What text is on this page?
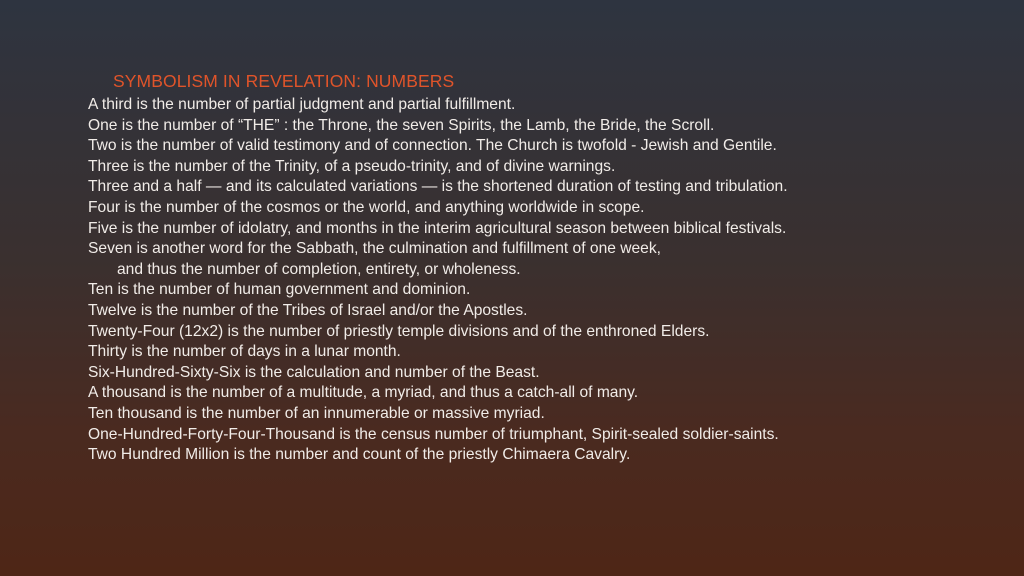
SYMBOLISM IN REVELATION: NUMBERS
A third is the number of partial judgment and partial fulfillment.
One is the number of “THE” : the Throne, the seven Spirits, the Lamb, the Bride, the Scroll.
Two is the number of valid testimony and of connection. The Church is twofold - Jewish and Gentile.
Three is the number of the Trinity, of a pseudo-trinity, and of divine warnings.
Three and a half — and its calculated variations — is the shortened duration of testing and tribulation.
Four is the number of the cosmos or the world, and anything worldwide in scope.
Five is the number of idolatry, and months in the interim agricultural season between biblical festivals.
Seven is another word for the Sabbath, the culmination and fulfillment of one week,
and thus the number of completion, entirety, or wholeness.
Ten is the number of human government and dominion.
Twelve is the number of the Tribes of Israel and/or the Apostles.
Twenty-Four (12x2) is the number of priestly temple divisions and of the enthroned Elders.
Thirty is the number of days in a lunar month.
Six-Hundred-Sixty-Six is the calculation and number of the Beast.
A thousand is the number of a multitude, a myriad, and thus a catch-all of many.
Ten thousand is the number of an innumerable or massive myriad.
One-Hundred-Forty-Four-Thousand is the census number of triumphant, Spirit-sealed soldier-saints.
Two Hundred Million is the number and count of the priestly Chimaera Cavalry.
